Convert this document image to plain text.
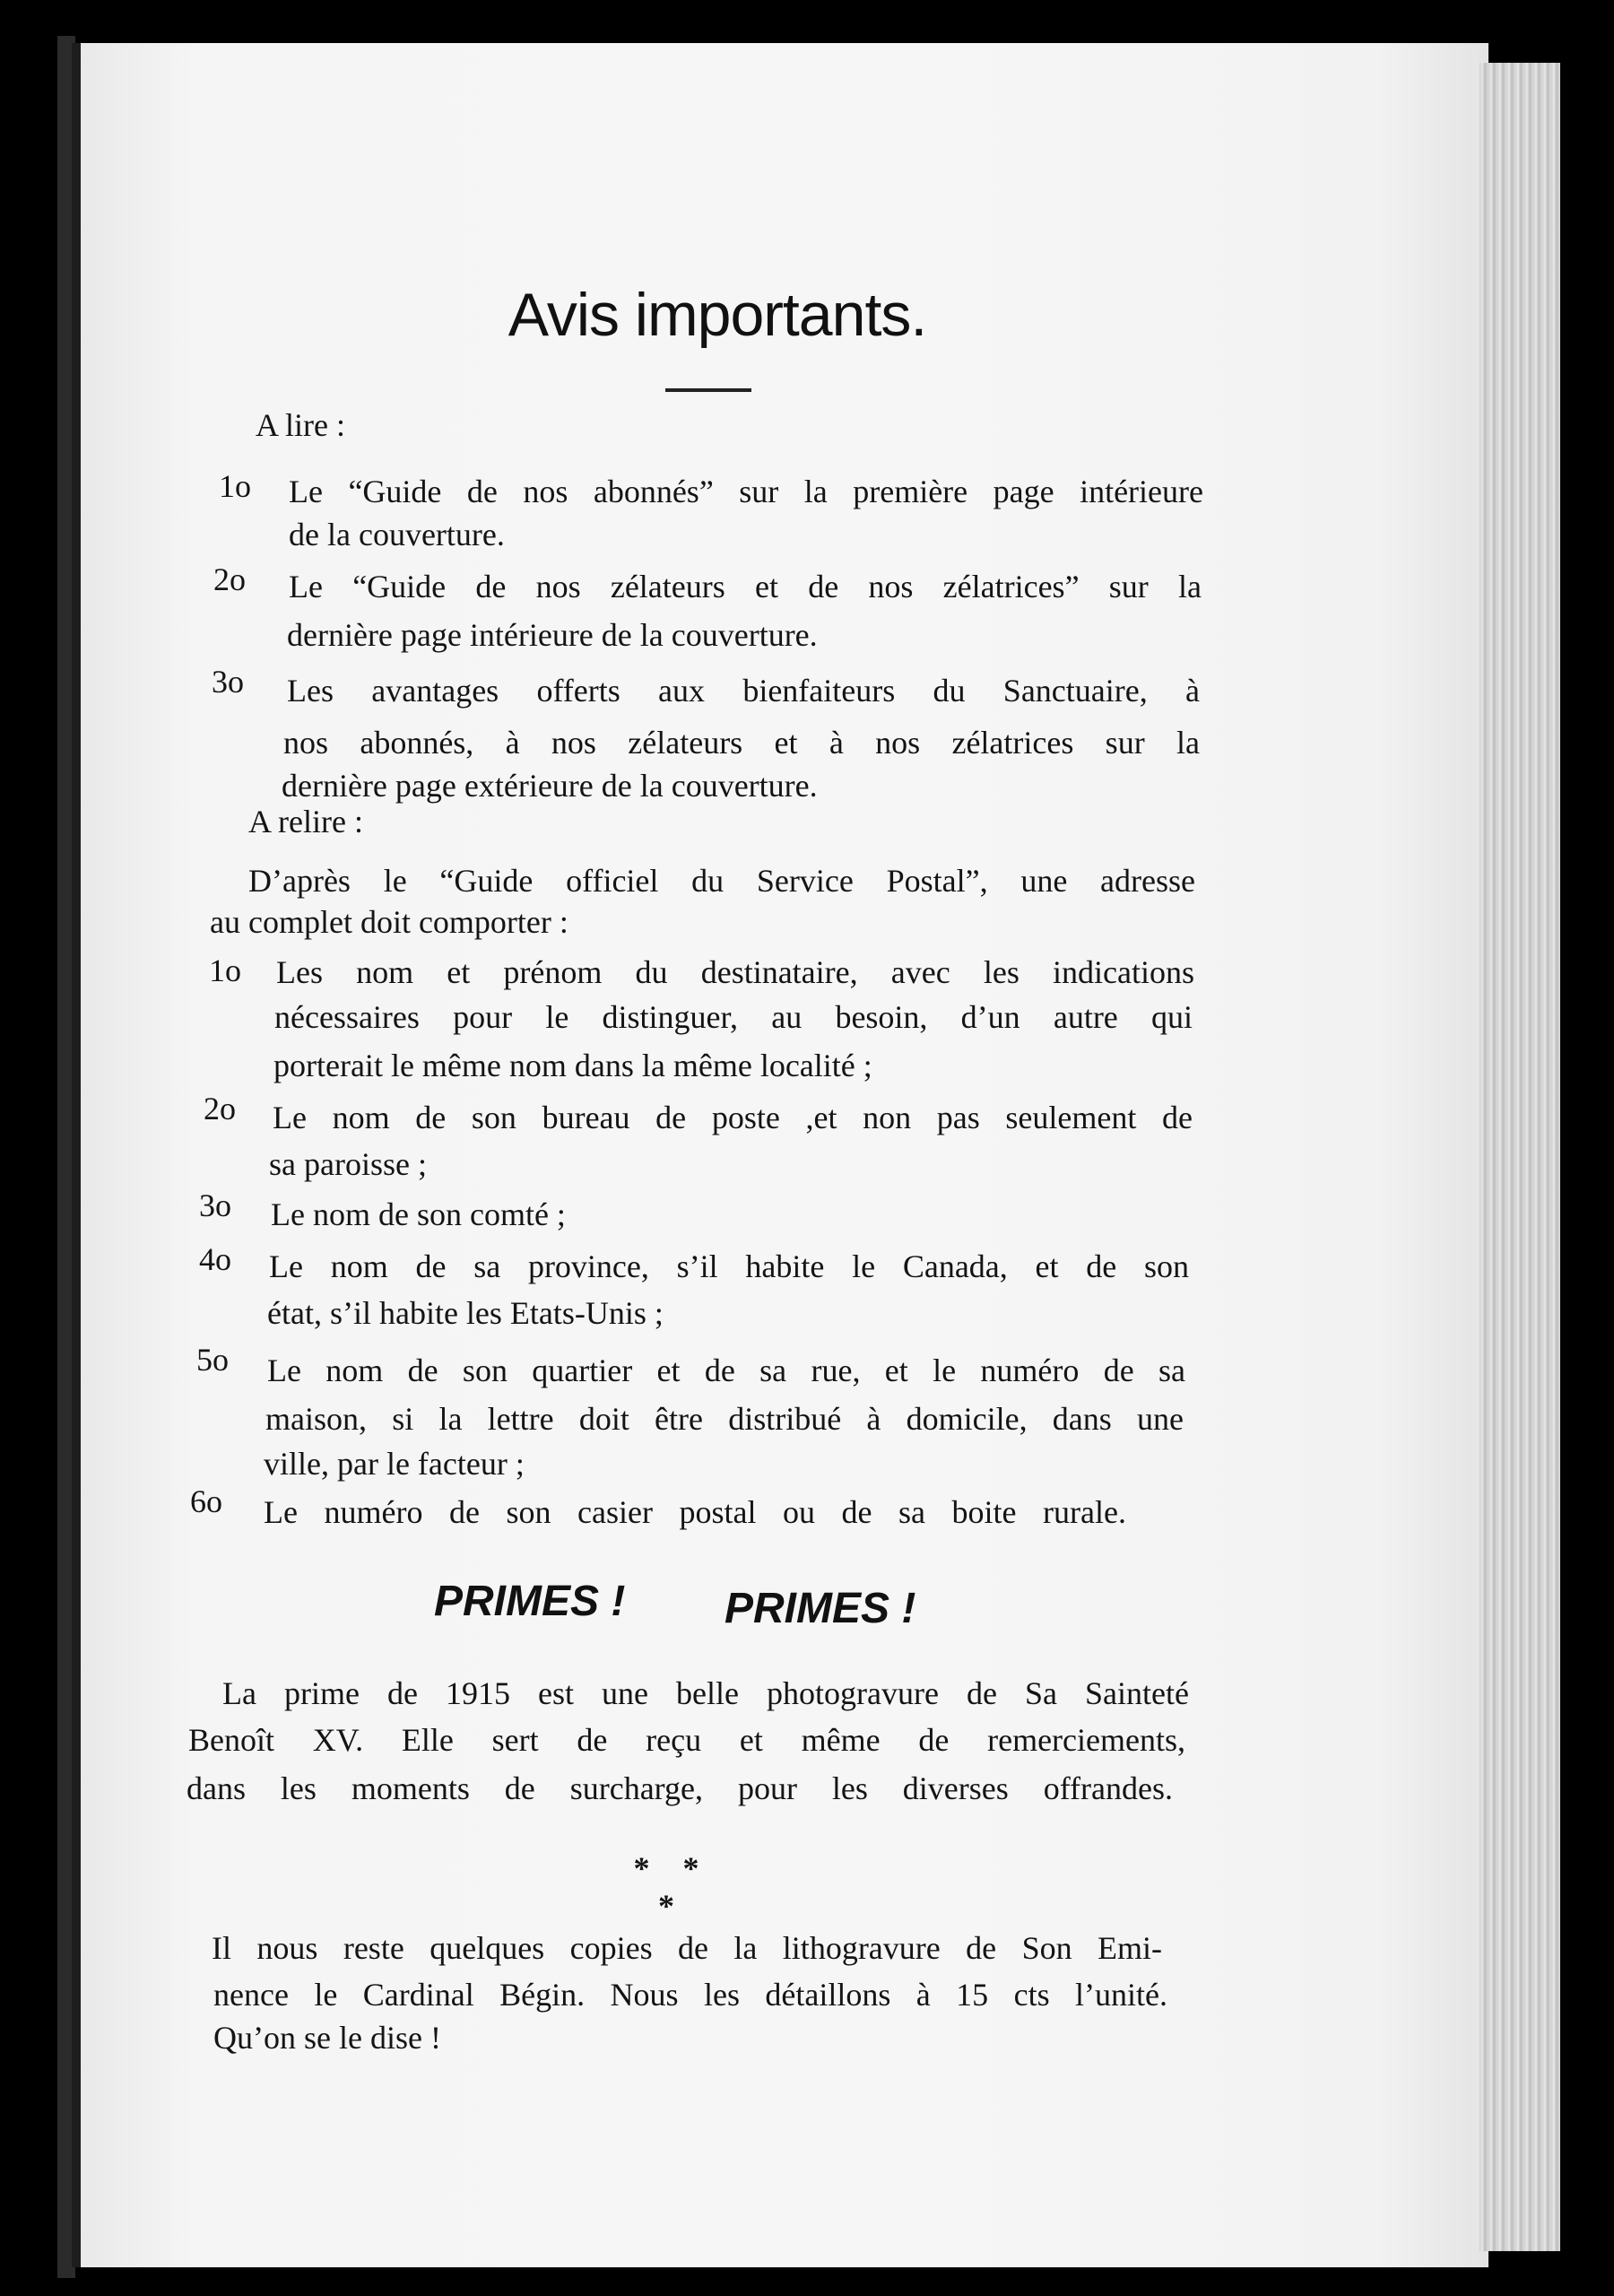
Avis importants.
A lire :
1o Le “Guide de nos abonnés” sur la première page intérieure
de la couverture.
2o Le “Guide de nos zélateurs et de nos zélatrices” sur la
dernière page intérieure de la couverture.
3o Les avantages offerts aux bienfaiteurs du Sanctuaire, à
nos abonnés, à nos zélateurs et à nos zélatrices sur la
dernière page extérieure de la couverture.
A relire :
D’après le “Guide officiel du Service Postal”, une adresse
au complet doit comporter :
1o Les nom et prénom du destinataire, avec les indications
nécessaires pour le distinguer, au besoin, d’un autre qui
porterait le même nom dans la même localité ;
2o Le nom de son bureau de poste ,et non pas seulement de
sa paroisse ;
3o Le nom de son comté ;
4o Le nom de sa province, s’il habite le Canada, et de son
état, s’il habite les Etats-Unis ;
5o Le nom de son quartier et de sa rue, et le numéro de sa
maison, si la lettre doit être distribué à domicile, dans une
ville, par le facteur ;
6o Le numéro de son casier postal ou de sa boite rurale.
PRIMES ! PRIMES !
La prime de 1915 est une belle photogravure de Sa Sainteté
Benoît XV. Elle sert de reçu et même de remerciements,
dans les moments de surcharge, pour les diverses offrandes.
* * *
Il nous reste quelques copies de la lithogravure de Son Emi-
nence le Cardinal Bégin. Nous les détaillons à 15 cts l’unité.
Qu’on se le dise !
